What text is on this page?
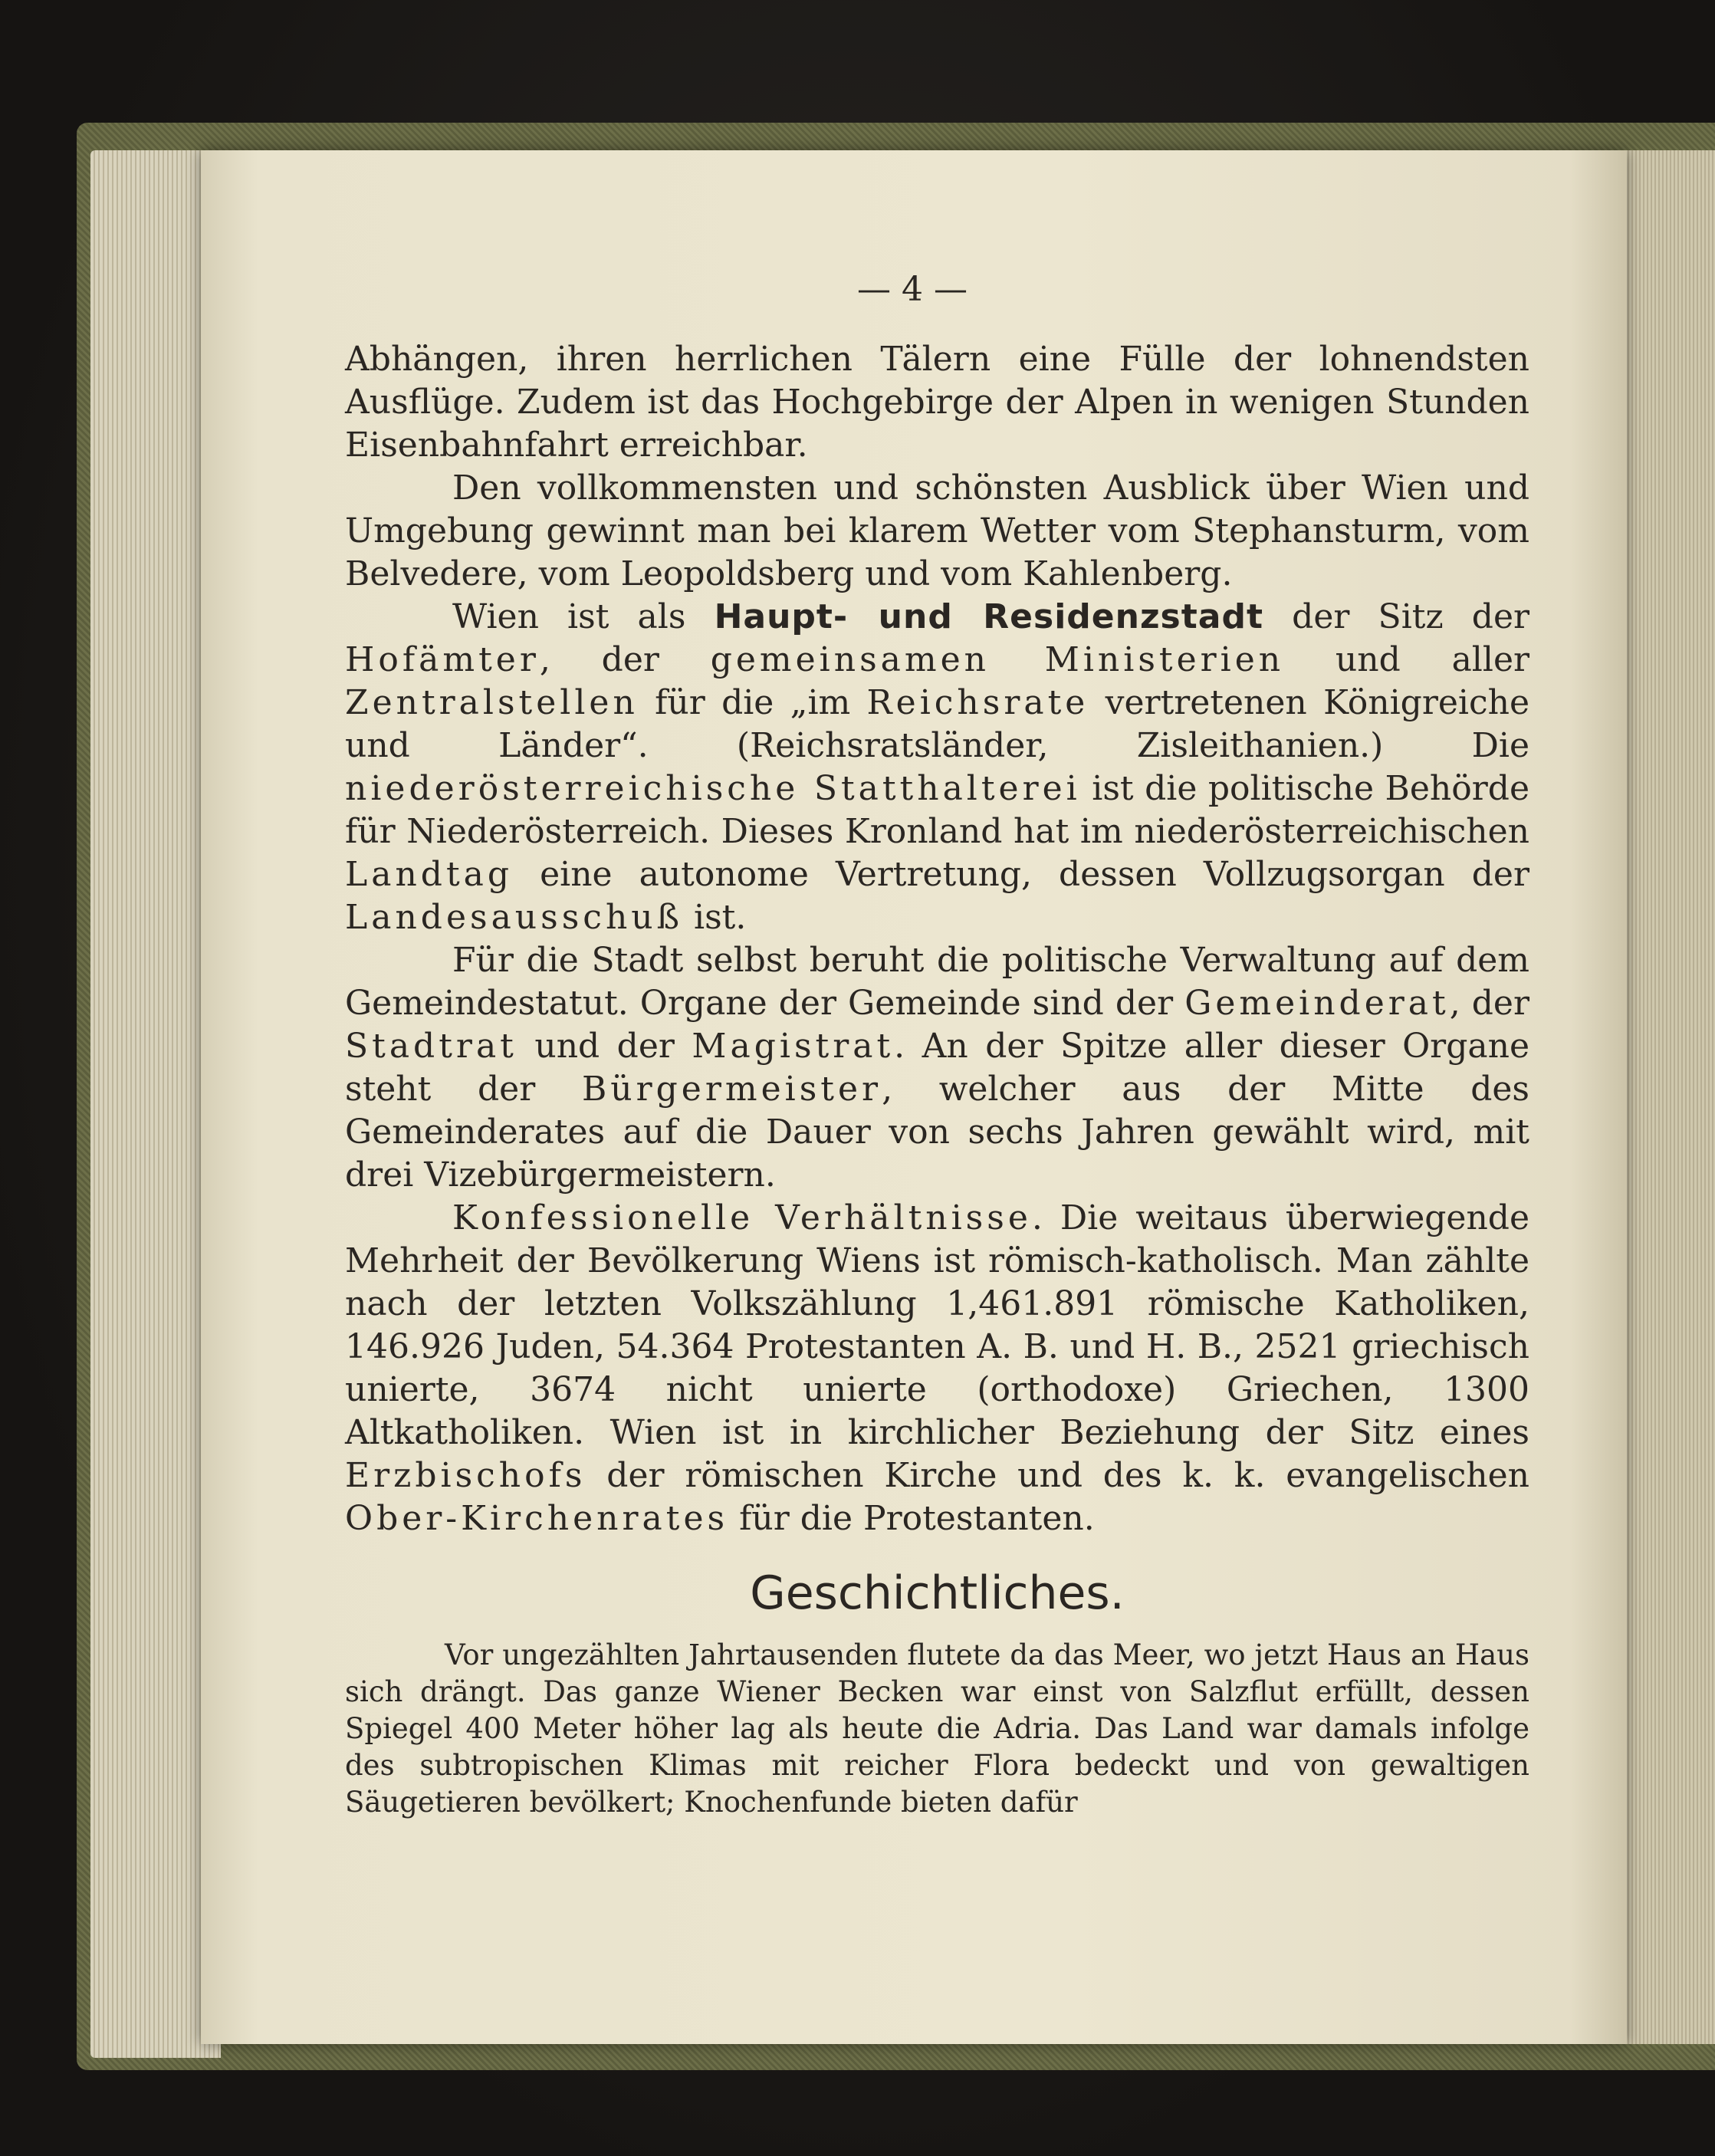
— 4 —

Abhängen, ihren herrlichen Tälern eine Fülle der lohnendsten Ausflüge. Zudem ist das Hochgebirge der Alpen in wenigen Stunden Eisenbahnfahrt erreichbar.

Den vollkommensten und schönsten Ausblick über Wien und Umgebung gewinnt man bei klarem Wetter vom Stephansturm, vom Belvedere, vom Leopoldsberg und vom Kahlenberg.

Wien ist als Haupt- und Residenzstadt der Sitz der Hofämter, der gemeinsamen Ministerien und aller Zentralstellen für die „im Reichsrate vertretenen Königreiche und Länder“. (Reichsratsländer, Zisleithanien.) Die niederösterreichische Statthalterei ist die politische Behörde für Niederösterreich. Dieses Kronland hat im niederösterreichischen Landtag eine autonome Vertretung, dessen Vollzugsorgan der Landesausschuß ist.

Für die Stadt selbst beruht die politische Verwaltung auf dem Gemeindestatut. Organe der Gemeinde sind der Gemeinderat, der Stadtrat und der Magistrat. An der Spitze aller dieser Organe steht der Bürgermeister, welcher aus der Mitte des Gemeinderates auf die Dauer von sechs Jahren gewählt wird, mit drei Vizebürgermeistern.

Konfessionelle Verhältnisse. Die weitaus überwiegende Mehrheit der Bevölkerung Wiens ist römisch-katholisch. Man zählte nach der letzten Volkszählung 1,461.891 römische Katholiken, 146.926 Juden, 54.364 Protestanten A. B. und H. B., 2521 griechisch unierte, 3674 nicht unierte (orthodoxe) Griechen, 1300 Altkatholiken. Wien ist in kirchlicher Beziehung der Sitz eines Erzbischofs der römischen Kirche und des k. k. evangelischen Ober-Kirchenrates für die Protestanten.

Geschichtliches.

Vor ungezählten Jahrtausenden flutete da das Meer, wo jetzt Haus an Haus sich drängt. Das ganze Wiener Becken war einst von Salzflut erfüllt, dessen Spiegel 400 Meter höher lag als heute die Adria. Das Land war damals infolge des subtropischen Klimas mit reicher Flora bedeckt und von gewaltigen Säugetieren bevölkert; Knochenfunde bieten dafür
